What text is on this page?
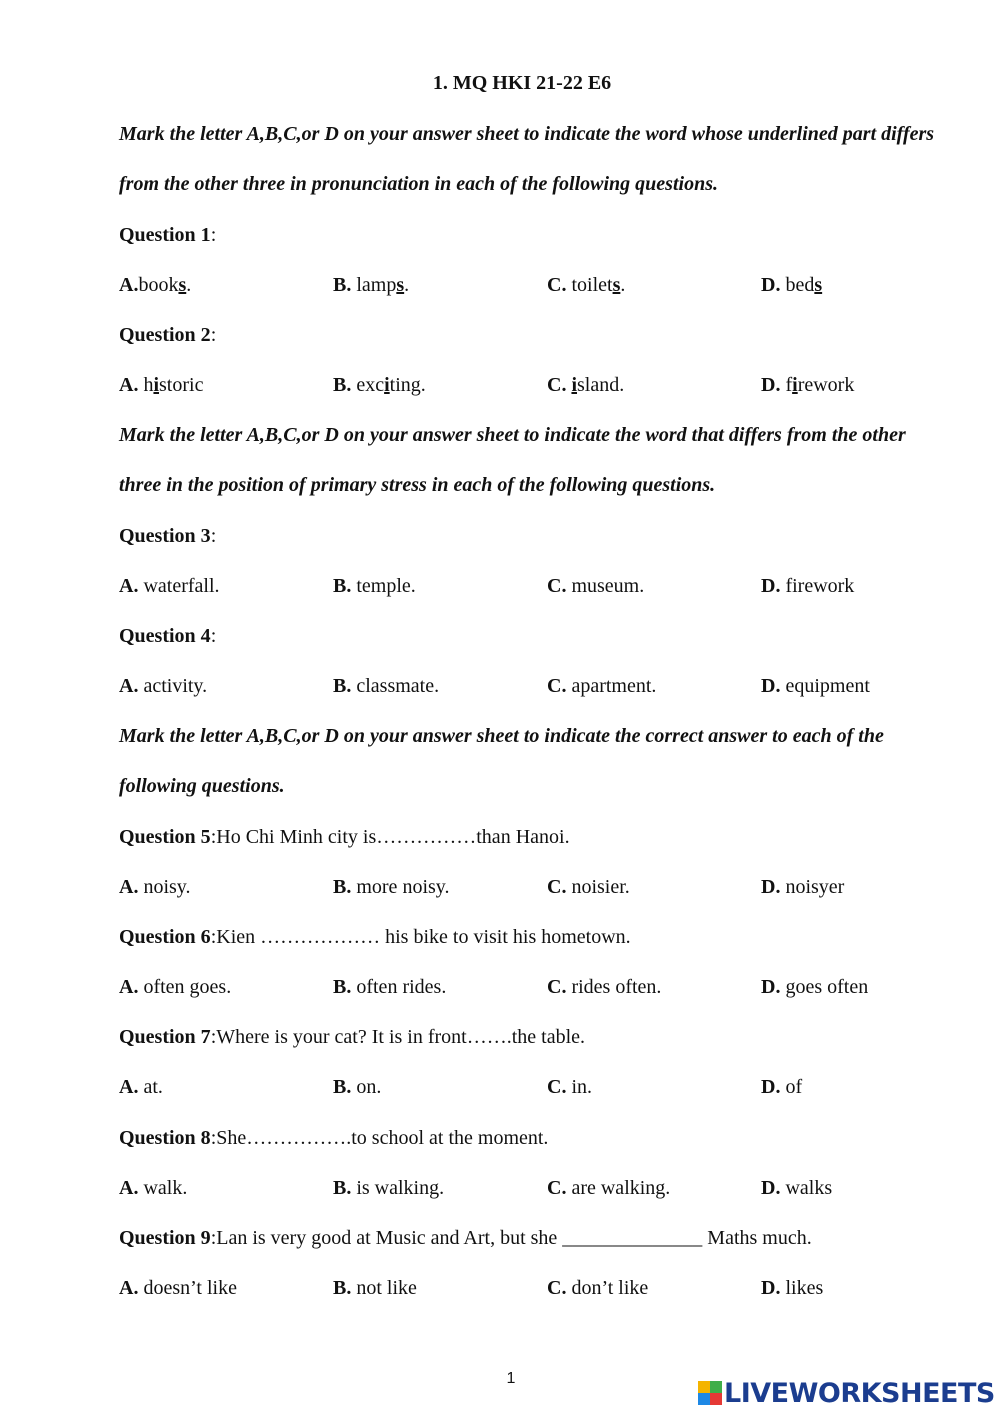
1. MQ HKI 21-22 E6
Mark the letter A,B,C,or D on your answer sheet to indicate the word whose underlined part differs from the other three in pronunciation in each of the following questions.
Question 1:
A.books.	B. lamps.	C. toilets.	D. beds
Question 2:
A. historic	B. exciting.	C. island.	D. firework
Mark the letter A,B,C,or D on your answer sheet to indicate the word that differs from the other three in the position of primary stress in each of the following questions.
Question 3:
A. waterfall.	B. temple.	C. museum.	D. firework
Question 4:
A. activity.	B. classmate.	C. apartment.	D. equipment
Mark the letter A,B,C,or D on your answer sheet to indicate the correct answer to each of the following questions.
Question 5:Ho Chi Minh city is……………than Hanoi.
A. noisy.	B. more noisy.	C. noisier.	D. noisyer
Question 6:Kien ……………… his bike to visit his hometown.
A. often goes.	B. often rides.	C. rides often.	D. goes often
Question 7:Where is your cat? It is in front…….the table.
A. at.	B. on.	C. in.	D. of
Question 8:She…………….to school at the moment.
A. walk.	B. is walking.	C. are walking.	D. walks
Question 9:Lan is very good at Music and Art, but she ______________ Maths much.
A. doesn’t like	B. not like	C. don’t like	D. likes
1	LIVEWORKSHEETS
